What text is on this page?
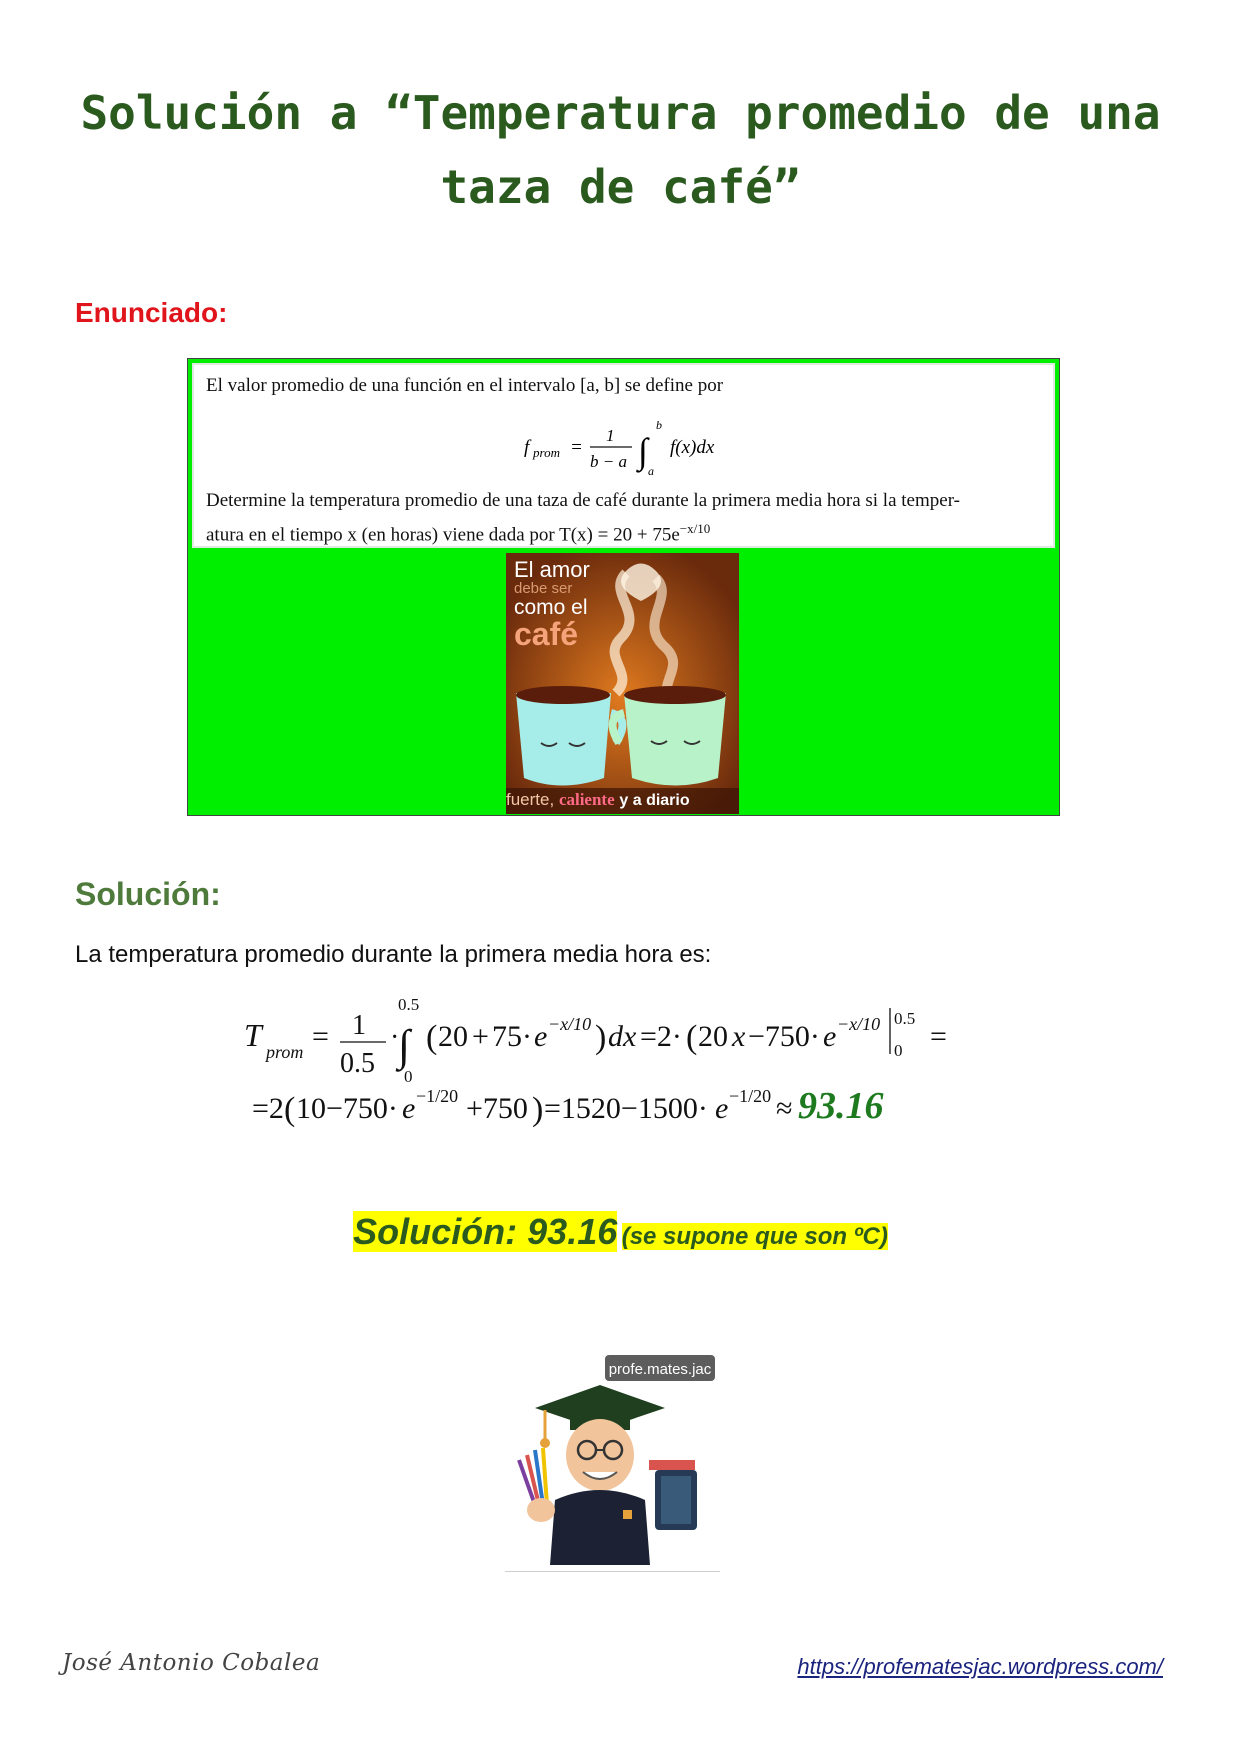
Solución a “Temperatura promedio de una
taza de café”
Enunciado:
El valor promedio de una función en el intervalo [a, b] se define por
f prom =
1
b − a ∫
b
a
f(x)dx
Determine la temperatura promedio de una taza de café durante la primera media hora si la temper-
atura en el tiempo x (en horas) viene dada por $T(x) = 20 + 75e^{-x/10}$
El amor
debe ser
como el
café
fuerte, caliente y a diario
Solución:
La temperatura promedio durante la primera media hora es:
T prom = 1
0.5
·
∫
0.5
0
( 20 + 75· e −x/10 ) dx =2· ( 20 x −750· e −x/10 0.5
0 =
=2 ( 10−750· e −1/20 +750 ) =1520−1500· e −1/20 ≈ 93.16
Solución: 93.16 (se supone que son ºC)
profe.mates.jac
José Antonio Cobalea	https://profematesjac.wordpress.com/
